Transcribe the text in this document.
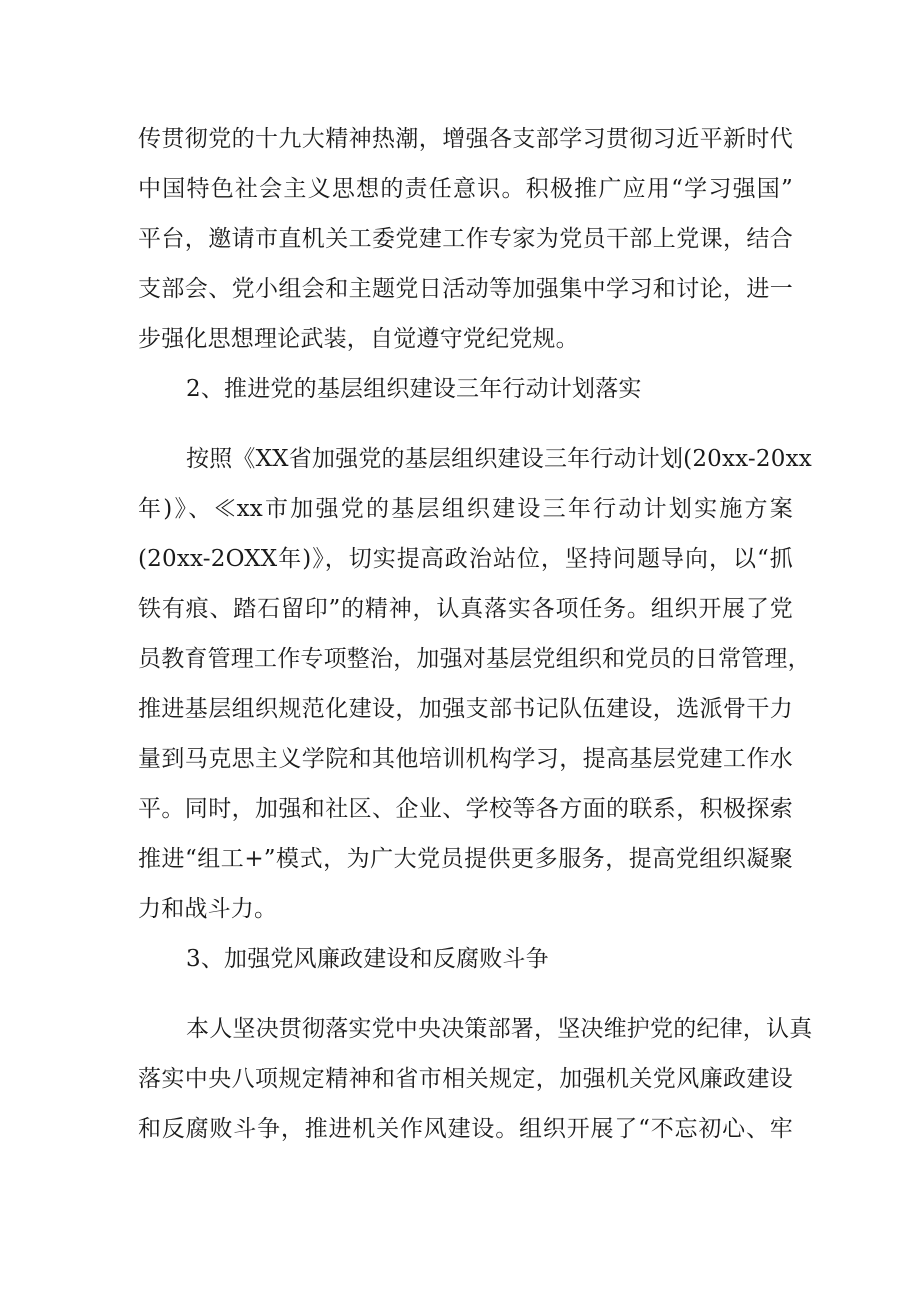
传贯彻党的十九大精神热潮，增强各支部学习贯彻习近平新时代
中国特色社会主义思想的责任意识。积极推广应用“学习强国”
平台，邀请市直机关工委党建工作专家为党员干部上党课，结合
支部会、党小组会和主题党日活动等加强集中学习和讨论，进一
步强化思想理论武装，自觉遵守党纪党规。
2、推进党的基层组织建设三年行动计划落实
按照《XX省加强党的基层组织建设三年行动计划(20xx-20xx
年)》、≪xx市加强党的基层组织建设三年行动计划实施方案
(20xx-2OXX年)》，切实提高政治站位，坚持问题导向，以“抓
铁有痕、踏石留印”的精神，认真落实各项任务。组织开展了党
员教育管理工作专项整治，加强对基层党组织和党员的日常管理，
推进基层组织规范化建设，加强支部书记队伍建设，选派骨干力
量到马克思主义学院和其他培训机构学习，提高基层党建工作水
平。同时，加强和社区、企业、学校等各方面的联系，积极探索
推进“组工+”模式，为广大党员提供更多服务，提高党组织凝聚
力和战斗力。
3、加强党风廉政建设和反腐败斗争
本人坚决贯彻落实党中央决策部署，坚决维护党的纪律，认真
落实中央八项规定精神和省市相关规定，加强机关党风廉政建设
和反腐败斗争，推进机关作风建设。组织开展了“不忘初心、牢
